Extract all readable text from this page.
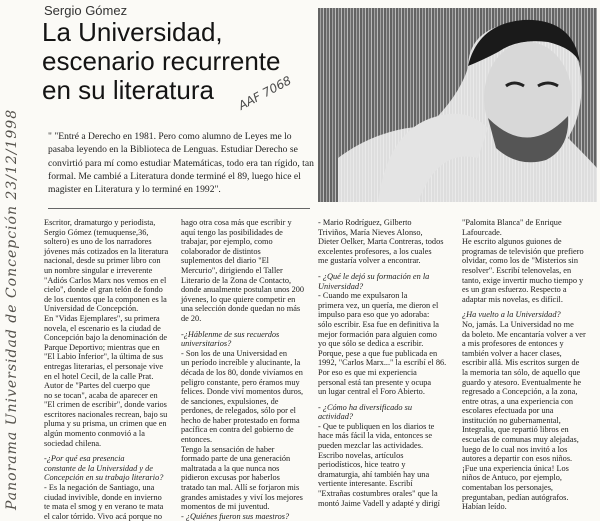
Panorama Universidad de Concepción 23/12/1998
AAF 7068
Sergio Gómez
La Universidad,
escenario recurrente
en su literatura

" "Entré a Derecho en 1981. Pero como alumno de Leyes me lo

pasaba leyendo en la Biblioteca de Lenguas. Estudiar Derecho se

convirtió para mí como estudiar Matemáticas, todo era tan rígido, tan

formal. Me cambié a Literatura donde terminé el 89, luego hice el

magister en Literatura y lo terminé en 1992".

Escritor, dramaturgo y periodista,

Sergio Gómez (temuquense,36,

soltero) es uno de los narradores

jóvenes más cotizados en la literatura

nacional, desde su primer libro con

un nombre singular e irreverente

"Adiós Carlos Marx nos vemos en el

cielo", donde el gran telón de fondo

de los cuentos que la componen es la

Universidad de Concepción.

En "Vidas Ejemplares", su primera

novela, el escenario es la ciudad de

Concepción bajo la denominación de

Parque Deportivo; mientras que en

"El Labio Inferior", la última de sus

entregas literarias, el personaje vive

en el hotel Cecil, de la calle Prat.

Autor de "Partes del cuerpo que

no se tocan", acaba de aparecer en

"El crimen de escribir", donde varios

escritores nacionales recrean, bajo su

pluma y su prisma, un crimen que en

algún momento conmovió a la

sociedad chilena.

-¿Por qué esa presencia

constante de la Universidad y de

Concepción en su trabajo literario?

- Es la negación de Santiago, una

ciudad invivible, donde en invierno

te mata el smog y en verano te mata

el calor tórrido. Vivo acá porque no

hago otra cosa más que escribir y

aquí tengo las posibilidades de

trabajar, por ejemplo, como

colaborador de distintos

suplementos del diario "El

Mercurio", dirigiendo el Taller

Literario de la Zona de Contacto,

donde anualmente postulan unos 200

jóvenes, lo que quiere competir en

una selección donde quedan no más

de 20.

-¿Háblenme de sus recuerdos

universitarios?

- Son los de una Universidad en

un período increíble y alucinante, la

década de los 80, donde vivíamos en

peligro constante, pero éramos muy

felices. Donde viví momentos duros,

de sanciones, expulsiones, de

perdones, de relegados, sólo por el

hecho de haber protestado en forma

pacífica en contra del gobierno de

entonces.

Tengo la sensación de haber

formado parte de una generación

maltratada a la que nunca nos

pidieron excusas por haberlos

tratado tan mal. Allí se forjaron mis

grandes amistades y viví los mejores

momentos de mi juventud.

- ¿Quiénes fueron sus maestros?

- Mario Rodríguez, Gilberto

Triviños, María Nieves Alonso,

Dieter Oelker, Marta Contreras, todos

excelentes profesores, a los cuales

me gustaría volver a encontrar.

- ¿Qué le dejó su formación en la

Universidad?

- Cuando me expulsaron la

primera vez, un quería, me dieron el

impulso para eso que yo adoraba:

sólo escribir. Esa fue en definitiva la

mejor formación para alguien como

yo que sólo se dedica a escribir.

Porque, pese a que fue publicada en

1992, "Carlos Marx..." la escribí el 86.

Por eso es que mi experiencia

personal está tan presente y ocupa

un lugar central el Foro Abierto.

- ¿Cómo ha diversificado su

actividad?

- Que te publiquen en los diarios te

hace más fácil la vida, entonces se

pueden mezclar las actividades.

Escribo novelas, artículos

periodísticos, hice teatro y

dramaturgia, ahí también hay una

vertiente interesante. Escribí

"Extrañas costumbres orales" que la

montó Jaime Vadell y adapté y dirigí

"Palomita Blanca" de Enrique

Lafourcade.

He escrito algunos guiones de

programas de televisión que prefiero

olvidar, como los de "Misterios sin

resolver". Escribí telenovelas, en

tanto, exige invertir mucho tiempo y

es un gran esfuerzo. Respecto a

adaptar mis novelas, es difícil.

¿Ha vuelto a la Universidad?

No, jamás. La Universidad no me

da boleto. Me encantaría volver a ver

a mis profesores de entonces y

también volver a hacer clases,

escribir allá. Mis escritos surgen de

la memoria tan sólo, de aquello que

guardo y atesoro. Eventualmente he

regresado a Concepción, a la zona,

entre otras, a una experiencia con

escolares efectuada por una

institución no gubernamental,

Integralia, que repartió libros en

escuelas de comunas muy alejadas,

luego de lo cual nos invitó a los

autores a departir con esos niños.

¡Fue una experiencia única! Los

niños de Antuco, por ejemplo,

comentaban los personajes,

preguntaban, pedían autógrafos.

Habían leído.
